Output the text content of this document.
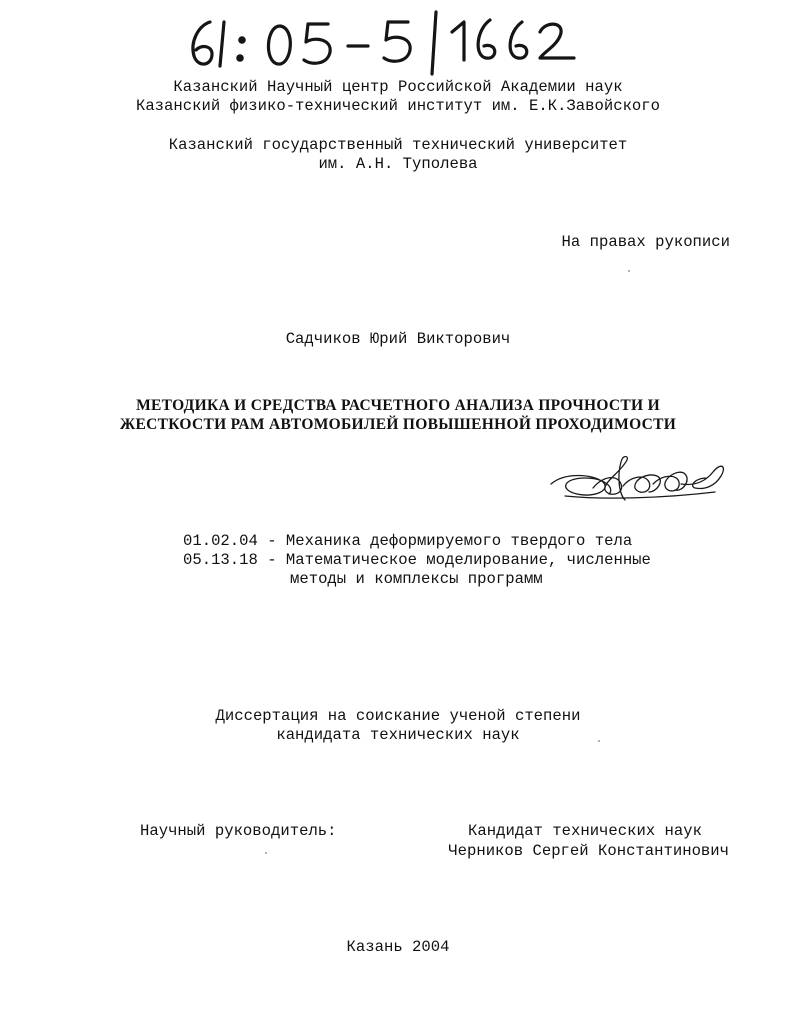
Казанский Научный центр Российской Академии наук
Казанский физико-технический институт им. Е.К.Завойского
Казанский государственный технический университет
им. А.Н. Туполева
На правах рукописи
Садчиков Юрий Викторович
МЕТОДИКА И СРЕДСТВА РАСЧЕТНОГО АНАЛИЗА ПРОЧНОСТИ И
ЖЕСТКОСТИ РАМ АВТОМОБИЛЕЙ ПОВЫШЕННОЙ ПРОХОДИМОСТИ
01.02.04 - Механика деформируемого твердого тела
05.13.18 - Математическое моделирование, численные
методы и комплексы программ
Диссертация на соискание ученой степени
кандидата технических наук
Научный руководитель:	Кандидат технических наук
Черников Сергей Константинович
Казань 2004
